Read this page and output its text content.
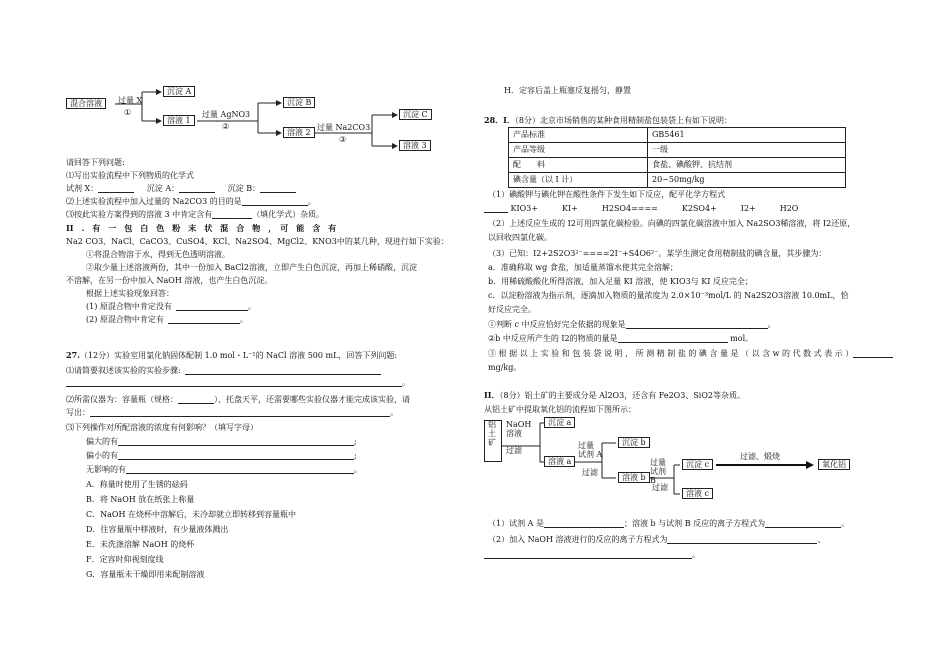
混合溶液	过量 X
①
沉淀 A
溶液 1
过量 AgNO3
②
沉淀 B
溶液 2
过量 Na2CO3
③
沉淀 C
溶液 3
请回答下列问题:
⑴写出实验流程中下列物质的化学式
试剂 X：	沉淀 A：	沉淀 B：
⑵上述实验流程中加入过量的 Na2CO3 的目的是	。
⑶按此实验方案得到的溶液 3 中肯定含有	（填化学式）杂质。
II　.　有　一　包　白　色　粉　末　状　混　合　物　，　可　能　含　有
Na2 CO3、NaCl、CaCO3、CuSO4、KCl、Na2SO4、MgCl2、KNO3中的某几种，现进行如下实验：
①将混合物溶于水，得到无色透明溶液。
②取少量上述溶液两份，其中一份加入 BaCl2溶液，立即产生白色沉淀，再加上稀硝酸，沉淀
不溶解，在另一份中加入 NaOH 溶液，也产生白色沉淀。
根据上述实验现象回答：
(1) 原混合物中肯定没有	。
(2) 原混合物中肯定有	。
27.（12分）实验室用氯化钠固体配制 1.0 mol・L⁻¹的 NaCl 溶液 500 mL，回答下列问题:
⑴请简要叙述该实验的实验步骤:
。
⑵所需仪器为：容量瓶（规格：	）、托盘天平，还需要哪些实验仪器才能完成该实验，请
写出：	。
⑶下列操作对所配溶液的浓度有何影响？（填写字母）
偏大的有	;
偏小的有	;
无影响的有	。
A．称量时使用了生锈的砝码
B．将 NaOH 放在纸张上称量
C．NaOH 在烧杯中溶解后，未冷却就立即转移到容量瓶中
D．往容量瓶中移液时，有少量液体溅出
E．未洗涤溶解 NaOH 的烧杯
F．定容时仰视刻度线
G．容量瓶未干燥即用来配制溶液
H．定容后盖上瓶塞反复摇匀，静置
28．I．（8分）北京市场销售的某种食用精制盐包装袋上有如下说明：
产品标准	GB5461
产品等级	一级
配　　料	食盐、碘酸钾、抗结剂
碘含量（以 I 计）	20~50mg/kg
（1）碘酸钾与碘化钾在酸性条件下发生如下反应，配平化学方程式
KIO3+　　　KI+　　　H2SO4====　　　K2SO4+　　　I2+　　　H2O
（2）上述反应生成的 I2可用四氯化碳检验。向碘的四氯化碳溶液中加入 Na2SO3稀溶液，将 I2还原，
以回收四氯化碳。
（3）已知：I2+2S2O3²⁻====2I⁻+S4O6²⁻。某学生测定食用精制盐的碘含量，其步骤为：
a．准确称取 wg 食盐，加适量蒸馏水使其完全溶解；
b．用稀硫酸酸化所得溶液，加入足量 KI 溶液，使 KIO3与 KI 反应完全；
c．以淀粉溶液为指示剂，逐滴加入物质的量浓度为 2.0×10⁻³mol/L 的 Na2S2O3溶液 10.0mL，恰
好反应完全。
①判断 c 中反应恰好完全依据的现象是	。
②b 中反应所产生的 I2的物质的量是	mol。
③ 根 据 以 上 实 验 和 包 装 袋 说 明 ， 所 测 精 制 盐 的 碘 含 量 是 （ 以 含 w 的 代 数 式 表 示 ）
mg/kg。
II．（8分）铝土矿的主要成分是 Al2O3，还含有 Fe2O3、SiO2等杂质。
从铝土矿中提取氧化铝的流程如下图所示：
铝土矿
NaOH 溶液
过滤
沉淀 a
溶液 a
过量 试剂 A
过滤
沉淀 b
溶液 b
过量 试剂 B
过滤
沉淀 c
溶液 c
过滤、煅烧
氧化铝
（1）试剂 A 是	；溶液 b 与试剂 B 反应的离子方程式为	。
（2）加入 NaOH 溶液进行的反应的离子方程式为	、
。
